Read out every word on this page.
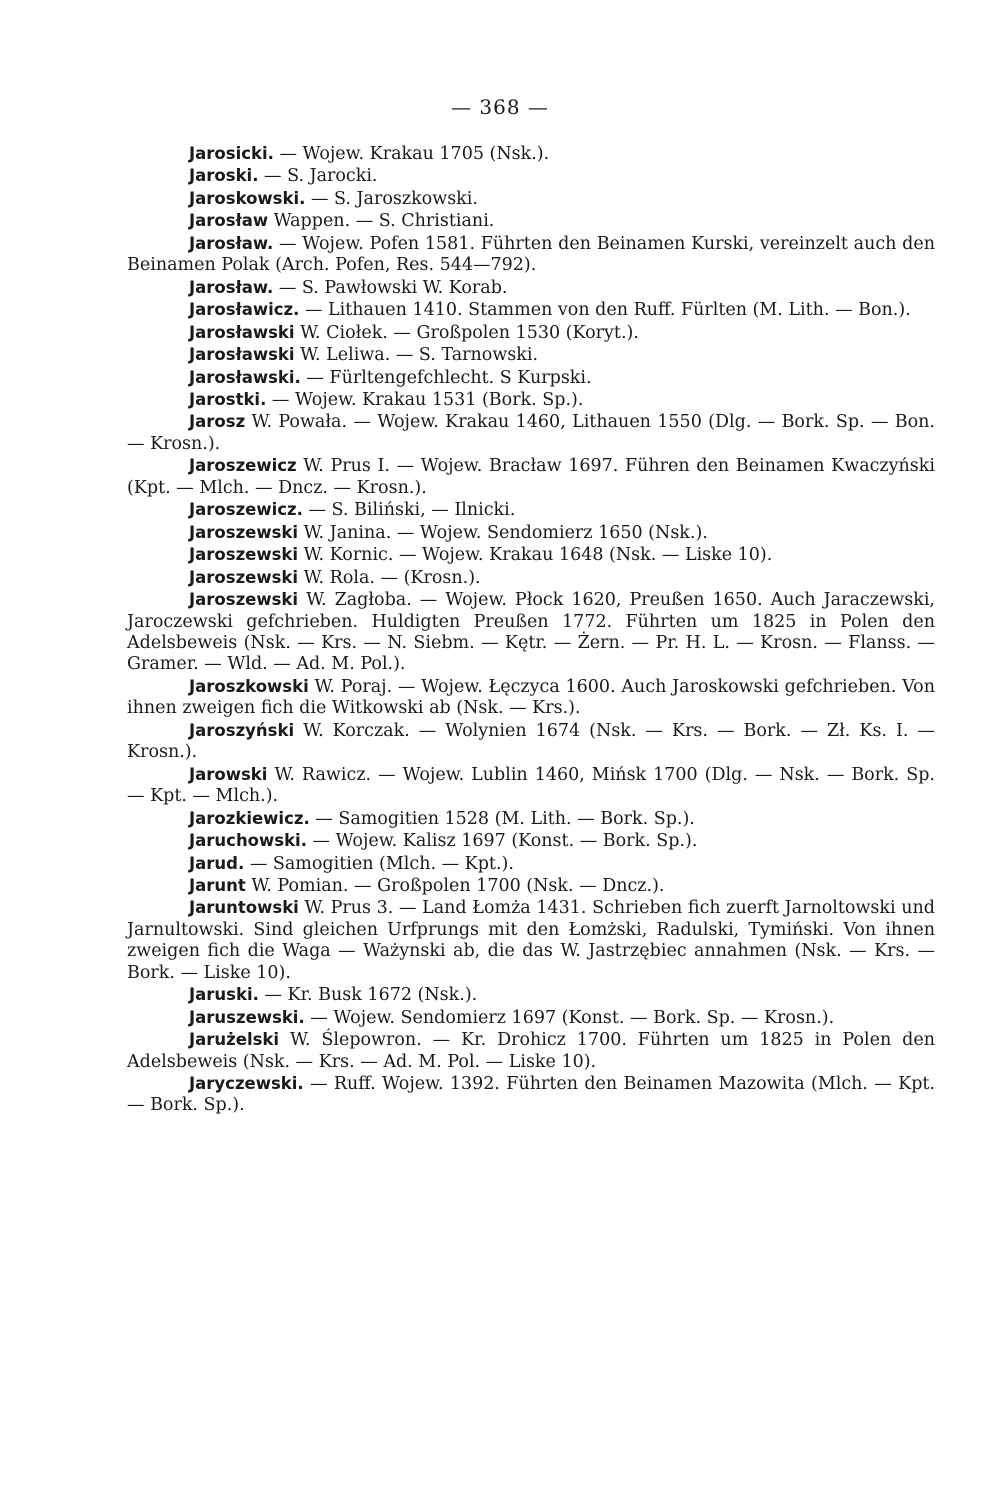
— 368 —

Jarosicki. — Wojew. Krakau 1705 (Nsk.).

Jaroski. — S. Jarocki.

Jaroskowski. — S. Jaroszkowski.

Jarosław Wappen. — S. Christiani.

Jarosław. — Wojew. Pofen 1581. Führten den Beinamen Kurski, vereinzelt auch den Beinamen Polak (Arch. Pofen, Res. 544—792).

Jarosław. — S. Pawłowski W. Korab.

Jarosławicz. — Lithauen 1410. Stammen von den Ruff. Fürlten (M. Lith. — Bon.).

Jarosławski W. Ciołek. — Großpolen 1530 (Koryt.).

Jarosławski W. Leliwa. — S. Tarnowski.

Jarosławski. — Fürltengefchlecht. S Kurpski.

Jarostki. — Wojew. Krakau 1531 (Bork. Sp.).

Jarosz W. Powała. — Wojew. Krakau 1460, Lithauen 1550 (Dlg. — Bork. Sp. — Bon. — Krosn.).

Jaroszewicz W. Prus I. — Wojew. Bracław 1697. Führen den Beinamen Kwaczyński (Kpt. — Mlch. — Dncz. — Krosn.).

Jaroszewicz. — S. Biliński, — Ilnicki.

Jaroszewski W. Janina. — Wojew. Sendomierz 1650 (Nsk.).

Jaroszewski W. Kornic. — Wojew. Krakau 1648 (Nsk. — Liske 10).

Jaroszewski W. Rola. — (Krosn.).

Jaroszewski W. Zagłoba. — Wojew. Płock 1620, Preußen 1650. Auch Jaraczewski, Jaroczewski gefchrieben. Huldigten Preußen 1772. Führten um 1825 in Polen den Adelsbeweis (Nsk. — Krs. — N. Siebm. — Kętr. — Żern. — Pr. H. L. — Krosn. — Flanss. — Gramer. — Wld. — Ad. M. Pol.).

Jaroszkowski W. Poraj. — Wojew. Łęczyca 1600. Auch Jaroskowski gefchrieben. Von ihnen zweigen fich die Witkowski ab (Nsk. — Krs.).

Jaroszyński W. Korczak. — Wolynien 1674 (Nsk. — Krs. — Bork. — Zł. Ks. I. — Krosn.).

Jarowski W. Rawicz. — Wojew. Lublin 1460, Mińsk 1700 (Dlg. — Nsk. — Bork. Sp. — Kpt. — Mlch.).

Jarozkiewicz. — Samogitien 1528 (M. Lith. — Bork. Sp.).

Jaruchowski. — Wojew. Kalisz 1697 (Konst. — Bork. Sp.).

Jarud. — Samogitien (Mlch. — Kpt.).

Jarunt W. Pomian. — Großpolen 1700 (Nsk. — Dncz.).

Jaruntowski W. Prus 3. — Land Łomża 1431. Schrieben fich zuerft Jarnoltowski und Jarnultowski. Sind gleichen Urfprungs mit den Łomżski, Radulski, Tymiński. Von ihnen zweigen fich die Waga — Ważynski ab, die das W. Jastrzębiec annahmen (Nsk. — Krs. — Bork. — Liske 10).

Jaruski. — Kr. Busk 1672 (Nsk.).

Jaruszewski. — Wojew. Sendomierz 1697 (Konst. — Bork. Sp. — Krosn.).

Jarużelski W. Ślepowron. — Kr. Drohicz 1700. Führten um 1825 in Polen den Adelsbeweis (Nsk. — Krs. — Ad. M. Pol. — Liske 10).

Jaryczewski. — Ruff. Wojew. 1392. Führten den Beinamen Mazowita (Mlch. — Kpt. — Bork. Sp.).
